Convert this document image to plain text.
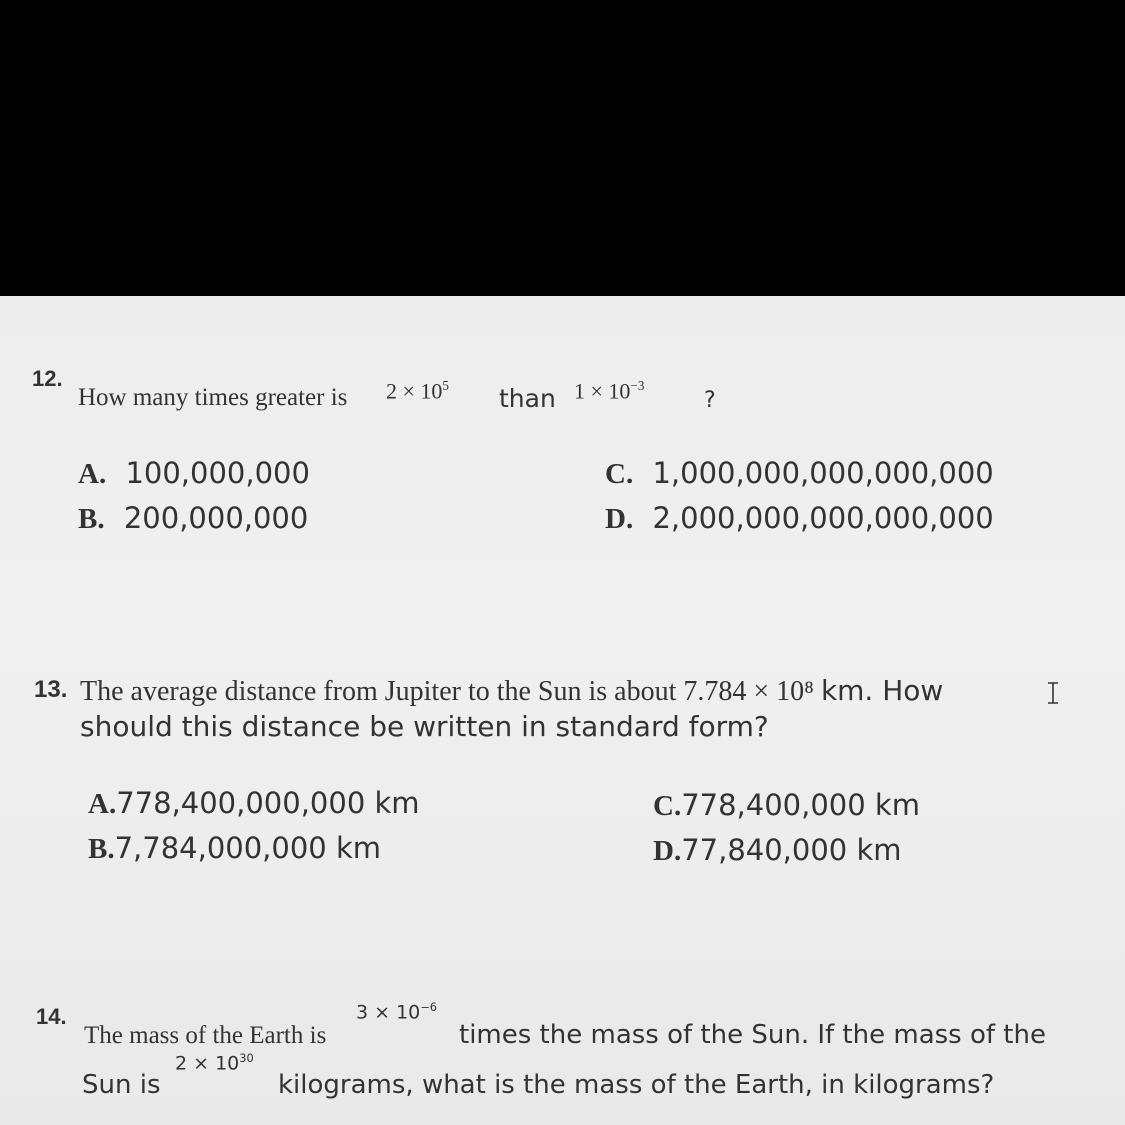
12.
How many times greater is $2 \times 10^5$ than $1 \times 10^{-3}$
?
A. 100,000,000
B. 200,000,000
C. 1,000,000,000,000,000
D. 2,000,000,000,000,000
13. The average distance from Jupiter to the Sun is about 7.784 × 10⁸ km. How
should this distance be written in standard form?
A.778,400,000,000 km
B.7,784,000,000 km
C.778,400,000 km
D.77,840,000 km
14.
The mass of the Earth is
$3 \times 10^{-6}$
times the mass of the Sun. If the mass of the
Sun is
$2 \times 10^{30}$
kilograms, what is the mass of the Earth, in kilograms?
